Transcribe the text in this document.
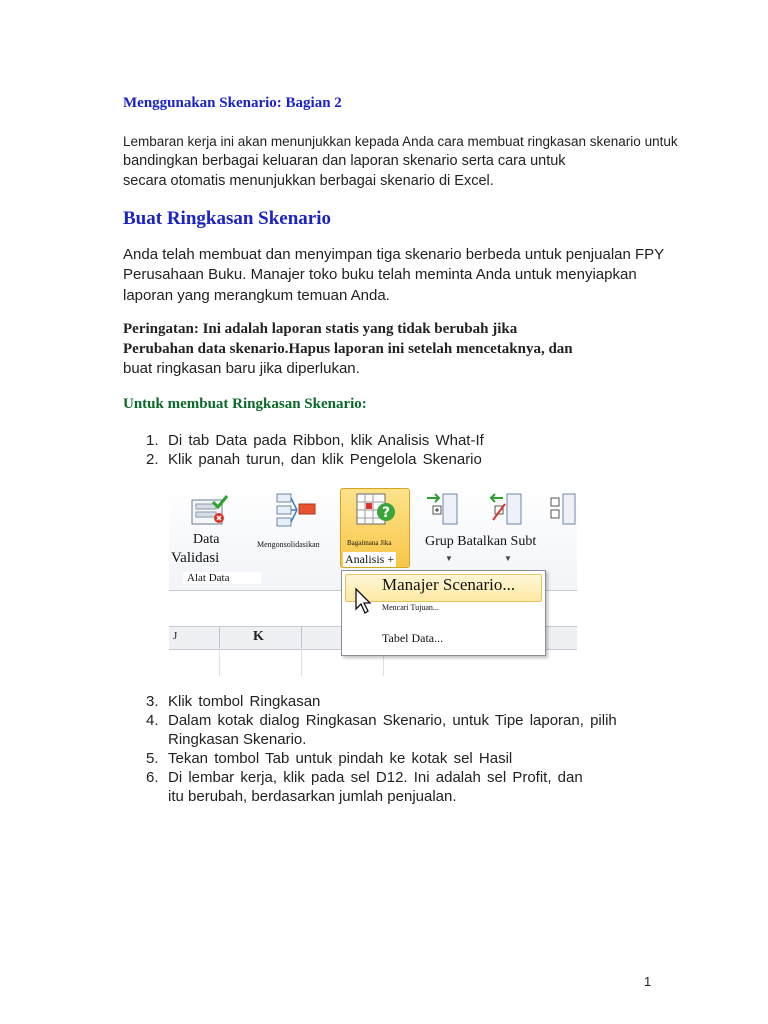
Menggunakan Skenario: Bagian 2
Lembaran kerja ini akan menunjukkan kepada Anda cara membuat ringkasan skenario untuk
bandingkan berbagai keluaran dan laporan skenario serta cara untuk
secara otomatis menunjukkan berbagai skenario di Excel.
Buat Ringkasan Skenario
Anda telah membuat dan menyimpan tiga skenario berbeda untuk penjualan FPY
Perusahaan Buku. Manajer toko buku telah meminta Anda untuk menyiapkan
laporan yang merangkum temuan Anda.
Peringatan: Ini adalah laporan statis yang tidak berubah jika
Perubahan data skenario.Hapus laporan ini setelah mencetaknya, dan
buat ringkasan baru jika diperlukan.
Untuk membuat Ringkasan Skenario:
1. Di tab Data pada Ribbon, klik Analisis What-If
2. Klik panah turun, dan klik Pengelola Skenario
Data
Validasi
Mengonsolidasikan
?
Bagaimana Jika
Analisis +
Grup Batalkan Subt
▼	▼
Alat Data
J	K
Manajer Scenario...
Mencari Tujuan...
Tabel Data...
3. Klik tombol Ringkasan
4. Dalam kotak dialog Ringkasan Skenario, untuk Tipe laporan, pilih
Ringkasan Skenario.
5. Tekan tombol Tab untuk pindah ke kotak sel Hasil
6. Di lembar kerja, klik pada sel D12. Ini adalah sel Profit, dan
itu berubah, berdasarkan jumlah penjualan.
1
